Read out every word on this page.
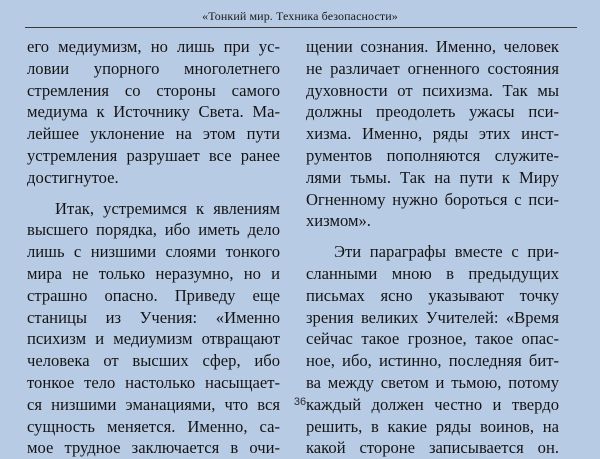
«Тонкий мир. Техника безопасности»
его медиумизм, но лишь при ус-
ловии упорного многолетнего
стремления со стороны самого
медиума к Источнику Света. Ма-
лейшее уклонение на этом пути
устремления разрушает все ранее
достигнутое.
Итак, устремимся к явлениям
высшего порядка, ибо иметь дело
лишь с низшими слоями тонкого
мира не только неразумно, но и
страшно опасно. Приведу еще
станицы из Учения: «Именно
психизм и медиумизм отвращают
человека от высших сфер, ибо
тонкое тело настолько насыщает-
ся низшими эманациями, что вся
сущность меняется. Именно, са-
мое трудное заключается в очи-
щении сознания. Именно, человек
не различает огненного состояния
духовности от психизма. Так мы
должны преодолеть ужасы пси-
хизма. Именно, ряды этих инст-
рументов пополняются служите-
лями тьмы. Так на пути к Миру
Огненному нужно бороться с пси-
хизмом».
Эти параграфы вместе с при-
сланными мною в предыдущих
письмах ясно указывают точку
зрения великих Учителей: «Время
сейчас такое грозное, такое опас-
ное, ибо, истинно, последняя бит-
ва между светом и тьмою, потому
каждый должен честно и твердо
решить, в какие ряды воинов, на
какой стороне записывается он.
36
